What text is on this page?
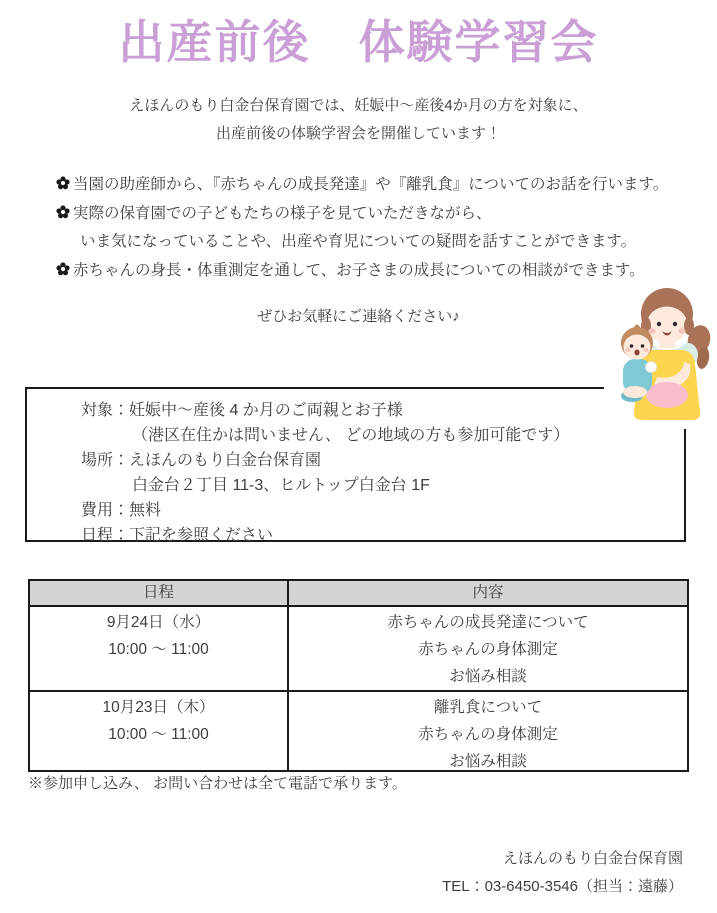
出産前後　体験学習会
えほんのもり白金台保育園では、妊娠中～産後4か月の方を対象に、
出産前後の体験学習会を開催しています！
当園の助産師から、『赤ちゃんの成長発達』や『離乳食』についてのお話を行います。
実際の保育園での子どもたちの様子を見ていただきながら、
いま気になっていることや、出産や育児についての疑問を話すことができます。
赤ちゃんの身長・体重測定を通して、お子さまの成長についての相談ができます。
ぜひお気軽にご連絡ください♪
対象：妊娠中～産後 4 か月のご両親とお子様
（港区在住かは問いません、 どの地域の方も参加可能です）
場所：えほんのもり白金台保育園
白金台２丁目 11-3、ヒルトップ白金台 1F
費用：無料
日程：下記を参照ください
日程	内容
9月24日（水）
10:00 ～ 11:00
赤ちゃんの成長発達について
赤ちゃんの身体測定
お悩み相談
10月23日（木）
10:00 ～ 11:00
離乳食について
赤ちゃんの身体測定
お悩み相談
※参加申し込み、 お問い合わせは全て電話で承ります。
えほんのもり白金台保育園
TEL：03-6450-3546（担当：遠藤）
